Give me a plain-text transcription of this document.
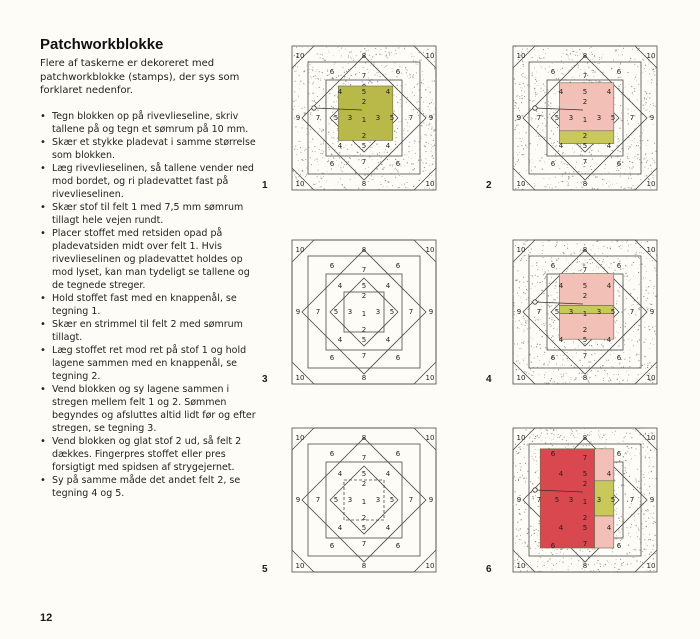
Patchworkblokke

Flere af taskerne er dekoreret med patchworkblokke (stamps), der sys som forklaret nedenfor.

• Tegn blokken op på rivevlieseline, skriv tallene på og tegn et sømrum på 10 mm.
• Skær et stykke pladevat i samme størrelse som blokken.
• Læg rivevlieselinen, så tallene vender ned mod bordet, og ri pladevattet fast på rivevlieselinen.
• Skær stof til felt 1 med 7,5 mm sømrum tillagt hele vejen rundt.
• Placer stoffet med retsiden opad på pladevatsiden midt over felt 1. Hvis rivevlieselinen og pladevattet holdes op mod lyset, kan man tydeligt se tallene og de tegnede streger.
• Hold stoffet fast med en knappenål, se tegning 1.
• Skær en strimmel til felt 2 med sømrum tillagt.
• Læg stoffet ret mod ret på stof 1 og hold lagene sammen med en knappenål, se tegning 2.
• Vend blokken og sy lagene sammen i stregen mellem felt 1 og 2. Sømmen begyndes og afsluttes altid lidt før og efter stregen, se tegning 3.
• Vend blokken og glat stof 2 ud, så felt 2 dækkes. Fingerpres stoffet eller pres forsigtigt med spidsen af strygejernet.
• Sy på samme måde det andet felt 2, se tegning 4 og 5.
12
10	10
10
10
8
8
9	9
6	6
6	6
7
7
7	7
4	4
4	4
5
5
5	5
2
2
3	3
1
1
10	10
10
10
8
8
9	9
6	6
6	6
7
7
7	7
4	4
4	4
5
5
5	5
2
2
3	3
1
2
10	10
10
10
8
8
9	9
6	6
6	6
7
7
7	7
4	4
4	4
5
5
5	5
2
2
3	3
1
3
10	10
10
10
8
8
9	9
6	6
6	6
7
7
7	7
4	4
4	4
5
5
5	5
2
2
3	3
1
4
10	10
10
10
8
8
9	9
6	6
6	6
7
7
7	7
4	4
4	4
5
5
5	5
2
2
3	3
1
5
10	10
10
10
8
8
9	9
6	6
6	6
7
7
7	7
4	4
4	4
5
5
5	5
2
2
3	3
1
6
